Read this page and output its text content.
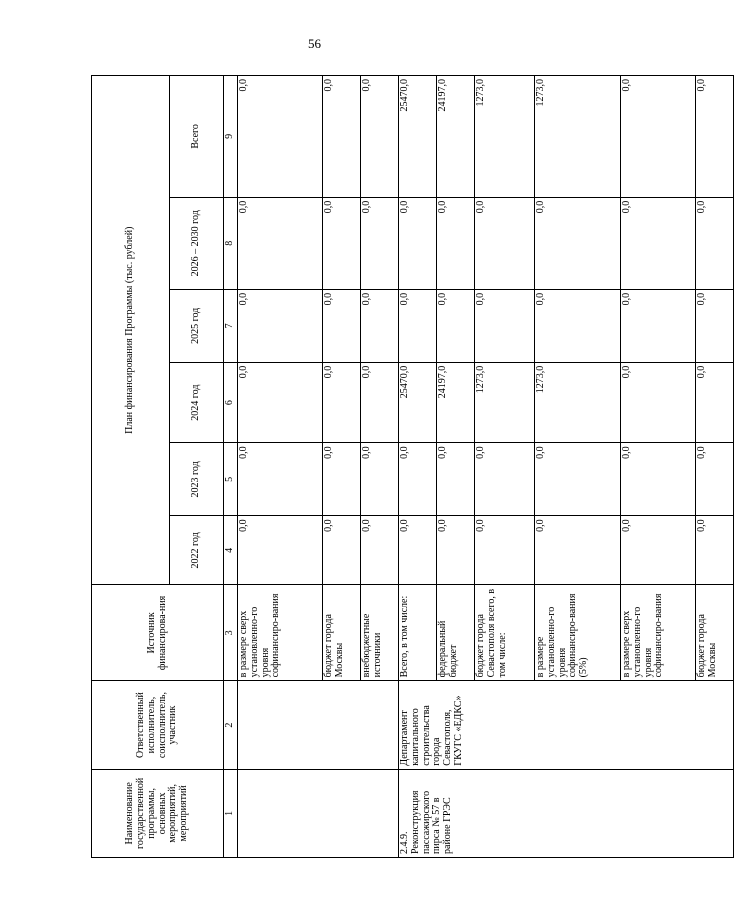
56
Наименование государственной программы, основных мероприятий, мероприятий	Ответственный исполнитель, соисполнитель, участник	Источник финансирова-ния	План финансирования Программы (тыс. рублей)					
			2022 год	2023 год	2024 год	2025 год	2026 – 2030 год	Всего
1	2	3	4	5	6	7	8	9
		в размере сверх установленно-го уровня софинансиро-вания	0,0	0,0	0,0	0,0	0,0	0,0
		бюджет города Москвы	0,0	0,0	0,0	0,0	0,0	0,0
		внебюджетные источники	0,0	0,0	0,0	0,0	0,0	0,0
2.4.9. Реконструкция пассажирского пирса № 57 в районе ГРЭС	Департамент капитального строительства города Севастополя, ГКУГС «ЕДКС»	Всего, в том числе:	0,0	0,0	25470,0	0,0	0,0	25470,0
		федеральный бюджет	0,0	0,0	24197,0	0,0	0,0	24197,0
		бюджет города Севастополя всего, в том числе:	0,0	0,0	1273,0	0,0	0,0	1273,0
		в размере установленно-го уровня софинансиро-вания (5%)	0,0	0,0	1273,0	0,0	0,0	1273,0
		в размере сверх установленно-го уровня софинансиро-вания	0,0	0,0	0,0	0,0	0,0	0,0
		бюджет города Москвы	0,0	0,0	0,0	0,0	0,0	0,0
